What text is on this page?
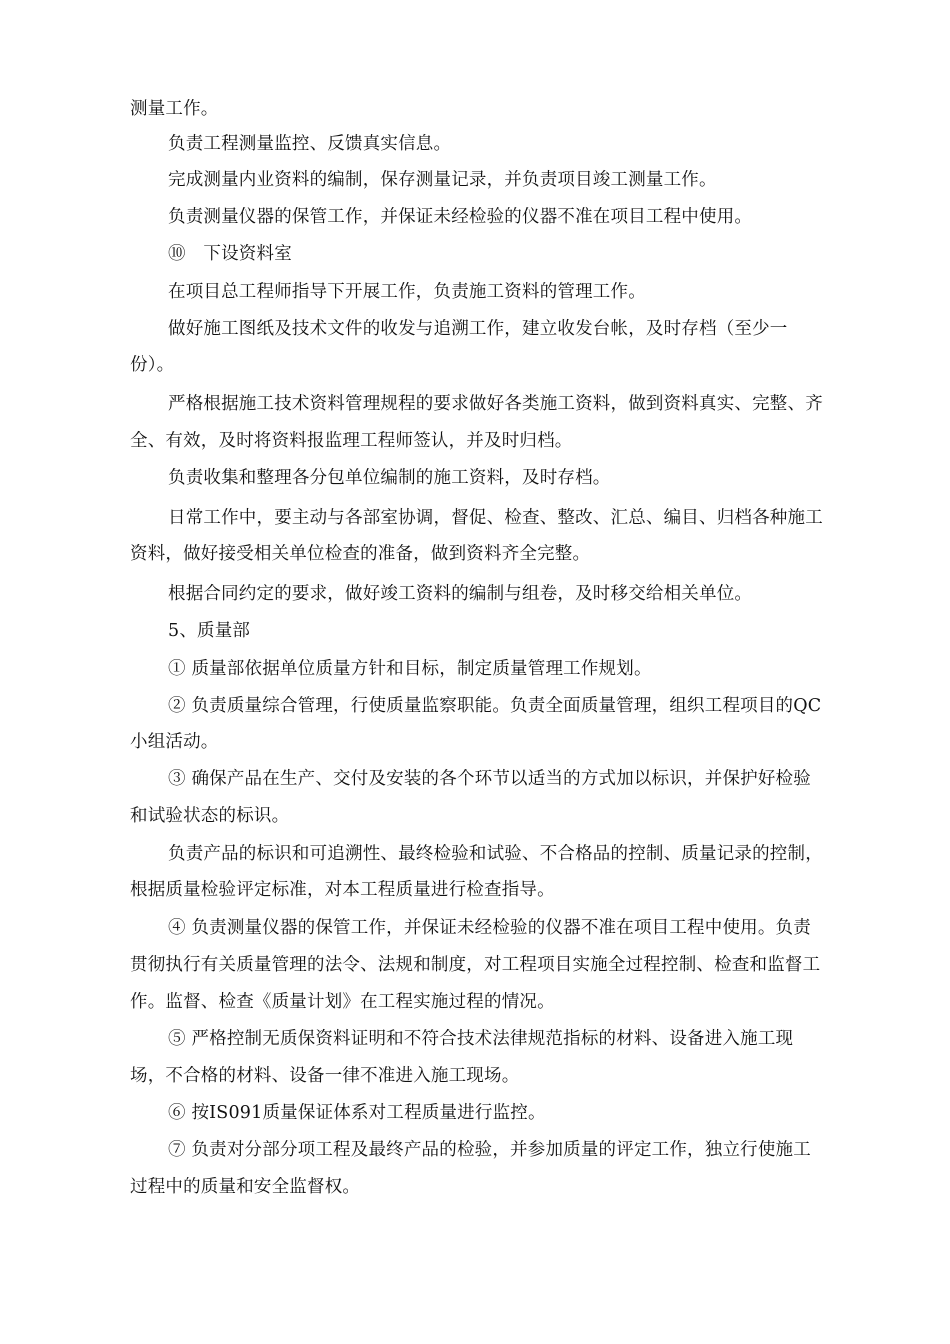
测量工作。
负责工程测量监控、反馈真实信息。
完成测量内业资料的编制，保存测量记录，并负责项目竣工测量工作。
负责测量仪器的保管工作，并保证未经检验的仪器不准在项目工程中使用。
⑩　下设资料室
在项目总工程师指导下开展工作，负责施工资料的管理工作。
做好施工图纸及技术文件的收发与追溯工作，建立收发台帐，及时存档（至少一
份）。
严格根据施工技术资料管理规程的要求做好各类施工资料，做到资料真实、完整、齐
全、有效，及时将资料报监理工程师签认，并及时归档。
负责收集和整理各分包单位编制的施工资料，及时存档。
日常工作中，要主动与各部室协调，督促、检查、整改、汇总、编目、归档各种施工
资料，做好接受相关单位检查的准备，做到资料齐全完整。
根据合同约定的要求，做好竣工资料的编制与组卷，及时移交给相关单位。
5、质量部
① 质量部依据单位质量方针和目标，制定质量管理工作规划。
② 负责质量综合管理，行使质量监察职能。负责全面质量管理，组织工程项目的QC
小组活动。
③ 确保产品在生产、交付及安装的各个环节以适当的方式加以标识，并保护好检验
和试验状态的标识。
负责产品的标识和可追溯性、最终检验和试验、不合格品的控制、质量记录的控制，
根据质量检验评定标准，对本工程质量进行检查指导。
④ 负责测量仪器的保管工作，并保证未经检验的仪器不准在项目工程中使用。负责
贯彻执行有关质量管理的法令、法规和制度，对工程项目实施全过程控制、检查和监督工
作。监督、检查《质量计划》在工程实施过程的情况。
⑤ 严格控制无质保资料证明和不符合技术法律规范指标的材料、设备进入施工现
场，不合格的材料、设备一律不准进入施工现场。
⑥ 按IS091质量保证体系对工程质量进行监控。
⑦ 负责对分部分项工程及最终产品的检验，并参加质量的评定工作，独立行使施工
过程中的质量和安全监督权。
